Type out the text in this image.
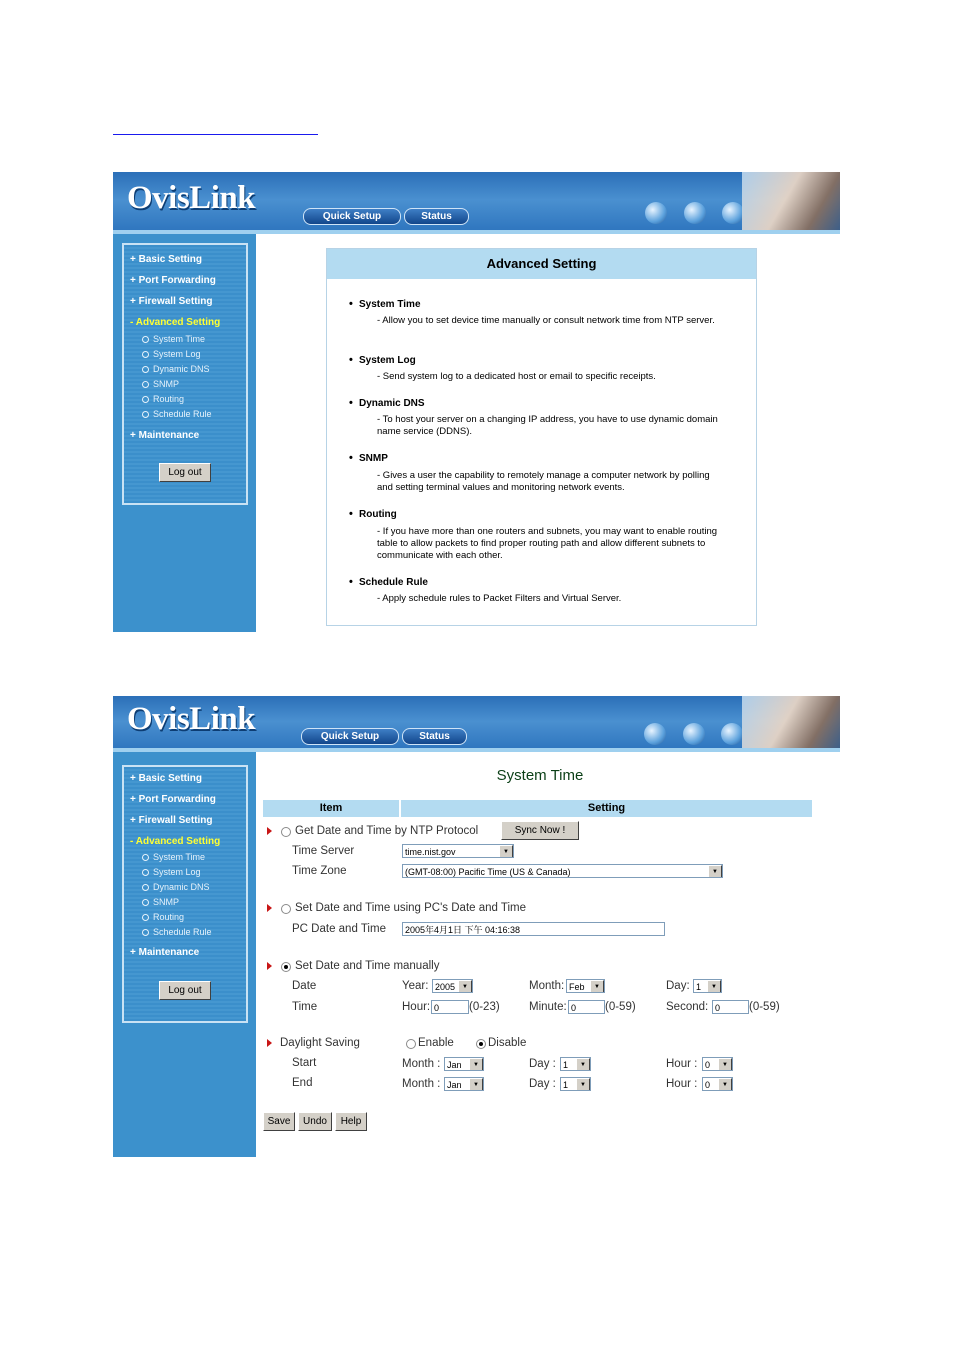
OvisLink
Quick Setup	Status
+ Basic Setting
+ Port Forwarding
+ Firewall Setting
- Advanced Setting
System Time
System Log
Dynamic DNS
SNMP
Routing
Schedule Rule
+ Maintenance
Log out
Advanced Setting
• System Time
- Allow you to set device time manually or consult network time from NTP server.
• System Log
- Send system log to a dedicated host or email to specific receipts.
• Dynamic DNS
- To host your server on a changing IP address, you have to use dynamic domain name service (DDNS).
• SNMP
- Gives a user the capability to remotely manage a computer network by polling and setting terminal values and monitoring network events.
• Routing
- If you have more than one routers and subnets, you may want to enable routing table to allow packets to find proper routing path and allow different subnets to communicate with each other.
• Schedule Rule
- Apply schedule rules to Packet Filters and Virtual Server.
OvisLink	Quick Setup	Status
+ Basic Setting
+ Port Forwarding
+ Firewall Setting
- Advanced Setting
System Time
System Log
Dynamic DNS
SNMP
Routing
Schedule Rule
+ Maintenance
Log out
System Time
Item	Setting
Get Date and Time by NTP Protocol	Sync Now !
Time Server	time.nist.gov ▼
Time Zone	(GMT-08:00) Pacific Time (US & Canada) ▼
Set Date and Time using PC's Date and Time
PC Date and Time	2005年4月1日 下午 04:16:38
Set Date and Time manually
Date	Year: 2005 ▼	Month: Feb ▼	Day: 1 ▼
Time	Hour: 0	(0-23)	Minute: 0	(0-59)	Second: 0	(0-59)
Daylight Saving	Enable	Disable
Start	Month : Jan ▼	Day : 1 ▼	Hour : 0 ▼
End	Month : Jan ▼	Day : 1 ▼	Hour : 0 ▼
Save	Undo	Help
